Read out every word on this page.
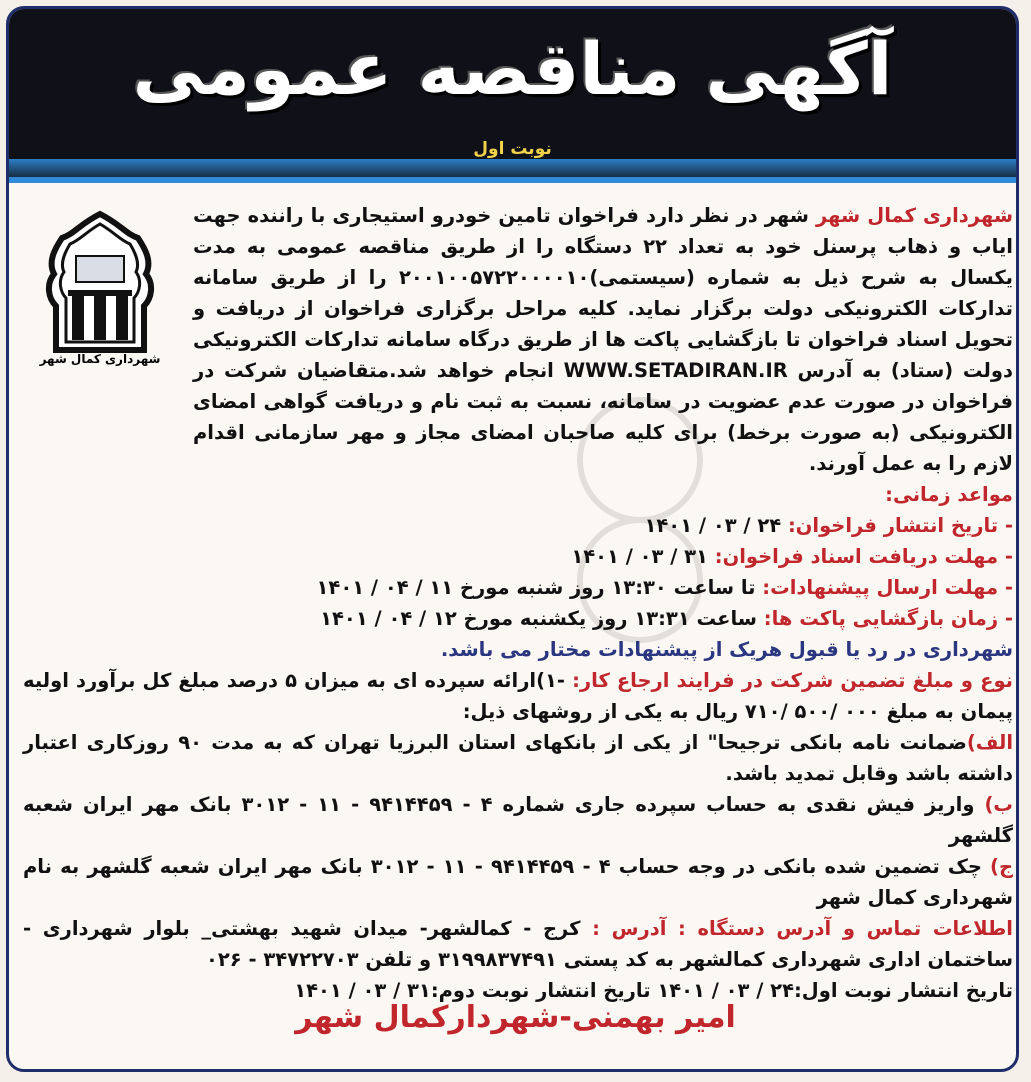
آگهی مناقصه عمومی
نوبت اول
شهرداری کمال شهر

شهرداری کمال شهر شهر در نظر دارد فراخوان تامین خودرو استیجاری با راننده جهت ایاب و ذهاب پرسنل خود به تعداد ۲۲ دستگاه را از طریق مناقصه عمومی به مدت یکسال به شرح ذیل به شماره (سیستمی)۲۰۰۱۰۰۵۷۲۲۰۰۰۰۱۰ را از طریق سامانه تدارکات الکترونیکی دولت برگزار نماید. کلیه مراحل برگزاری فراخوان از دریافت و تحویل اسناد فراخوان تا بازگشایی پاکت ها از طریق درگاه سامانه تدارکات الکترونیکی دولت (ستاد) به آدرس WWW.SETADIRAN.IR انجام خواهد شد.متقاضیان شرکت در فراخوان در صورت عدم عضویت در سامانه، نسبت به ثبت نام و دریافت گواهی امضای الکترونیکی (به صورت برخط) برای کلیه صاحبان امضای مجاز و مهر سازمانی اقدام لازم را به عمل آورند.

مواعد زمانی:
- تاریخ انتشار فراخوان: ۲۴ / ۰۳ / ۱۴۰۱
- مهلت دریافت اسناد فراخوان: ۳۱ / ۰۳ / ۱۴۰۱
- مهلت ارسال پیشنهادات: تا ساعت ۱۳:۳۰ روز شنبه مورخ ۱۱ / ۰۴ / ۱۴۰۱
- زمان بازگشایی پاکت ها: ساعت ۱۳:۳۱ روز یکشنبه مورخ ۱۲ / ۰۴ / ۱۴۰۱
شهرداری در رد یا قبول هریک از پیشنهادات مختار می باشد.

نوع و مبلغ تضمین شرکت در فرایند ارجاع کار: -۱)ارائه سپرده ای به میزان ۵ درصد مبلغ کل برآورد اولیه پیمان به مبلغ ۰۰۰ /۵۰۰ /۷۱۰ ریال به یکی از روشهای ذیل:

الف)ضمانت نامه بانکی ترجیحا" از یکی از بانکهای استان البرزیا تهران که به مدت ۹۰ روزکاری اعتبار داشته باشد وقابل تمدید باشد.

ب) واریز فیش نقدی به حساب سپرده جاری شماره ۴ - ۹۴۱۴۴۵۹ - ۱۱ - ۳۰۱۲ بانک مهر ایران شعبه گلشهر

ج) چک تضمین شده بانکی در وجه حساب ۴ - ۹۴۱۴۴۵۹ - ۱۱ - ۳۰۱۲ بانک مهر ایران شعبه گلشهر به نام شهرداری کمال شهر

اطلاعات تماس و آدرس دستگاه : آدرس : کرج - کمالشهر- میدان شهید بهشتی_ بلوار شهرداری - ساختمان اداری شهرداری کمالشهر به کد پستی ۳۱۹۹۸۳۷۴۹۱ و تلفن ۳۴۷۲۲۷۰۳ - ۰۲۶

تاریخ انتشار نوبت اول:۲۴ / ۰۳ / ۱۴۰۱ تاریخ انتشار نوبت دوم:۳۱ / ۰۳ / ۱۴۰۱
امیر بهمنی-شهردارکمال شهر
